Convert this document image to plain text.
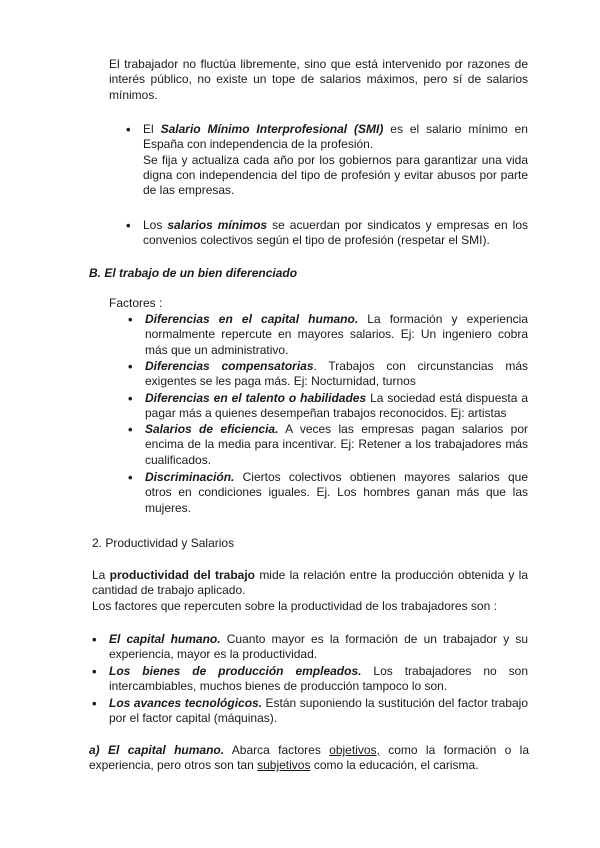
El trabajador no fluctúa libremente, sino que está intervenido por razones de interés público, no existe un tope de salarios máximos, pero sí de salarios mínimos.

• El Salario Mínimo Interprofesional (SMI) es el salario mínimo en España con independencia de la profesión.
Se fija y actualiza cada año por los gobiernos para garantizar una vida digna con independencia del tipo de profesión y evitar abusos por parte de las empresas.

• Los salarios mínimos se acuerdan por sindicatos y empresas en los convenios colectivos según el tipo de profesión (respetar el SMI).

B. El trabajo de un bien diferenciado

Factores :

• Diferencias en el capital humano. La formación y experiencia normalmente repercute en mayores salarios. Ej: Un ingeniero cobra más que un administrativo.

• Diferencias compensatorias. Trabajos con circunstancias más exigentes se les paga más. Ej: Nocturnidad, turnos

• Diferencias en el talento o habilidades La sociedad está dispuesta a pagar más a quienes desempeñan trabajos reconocidos. Ej: artistas

• Salarios de eficiencia. A veces las empresas pagan salarios por encima de la media para incentivar. Ej: Retener a los trabajadores más cualificados.

• Discriminación. Ciertos colectivos obtienen mayores salarios que otros en condiciones iguales. Ej. Los hombres ganan más que las mujeres.

2. Productividad y Salarios

La productividad del trabajo mide la relación entre la producción obtenida y la cantidad de trabajo aplicado.
Los factores que repercuten sobre la productividad de los trabajadores son :

• El capital humano. Cuanto mayor es la formación de un trabajador y su experiencia, mayor es la productividad.

• Los bienes de producción empleados. Los trabajadores no son intercambiables, muchos bienes de producción tampoco lo son.

• Los avances tecnológicos. Están suponiendo la sustitución del factor trabajo por el factor capital (máquinas).

a) El capital humano. Abarca factores objetivos, como la formación o la experiencia, pero otros son tan subjetivos como la educación, el carisma.
